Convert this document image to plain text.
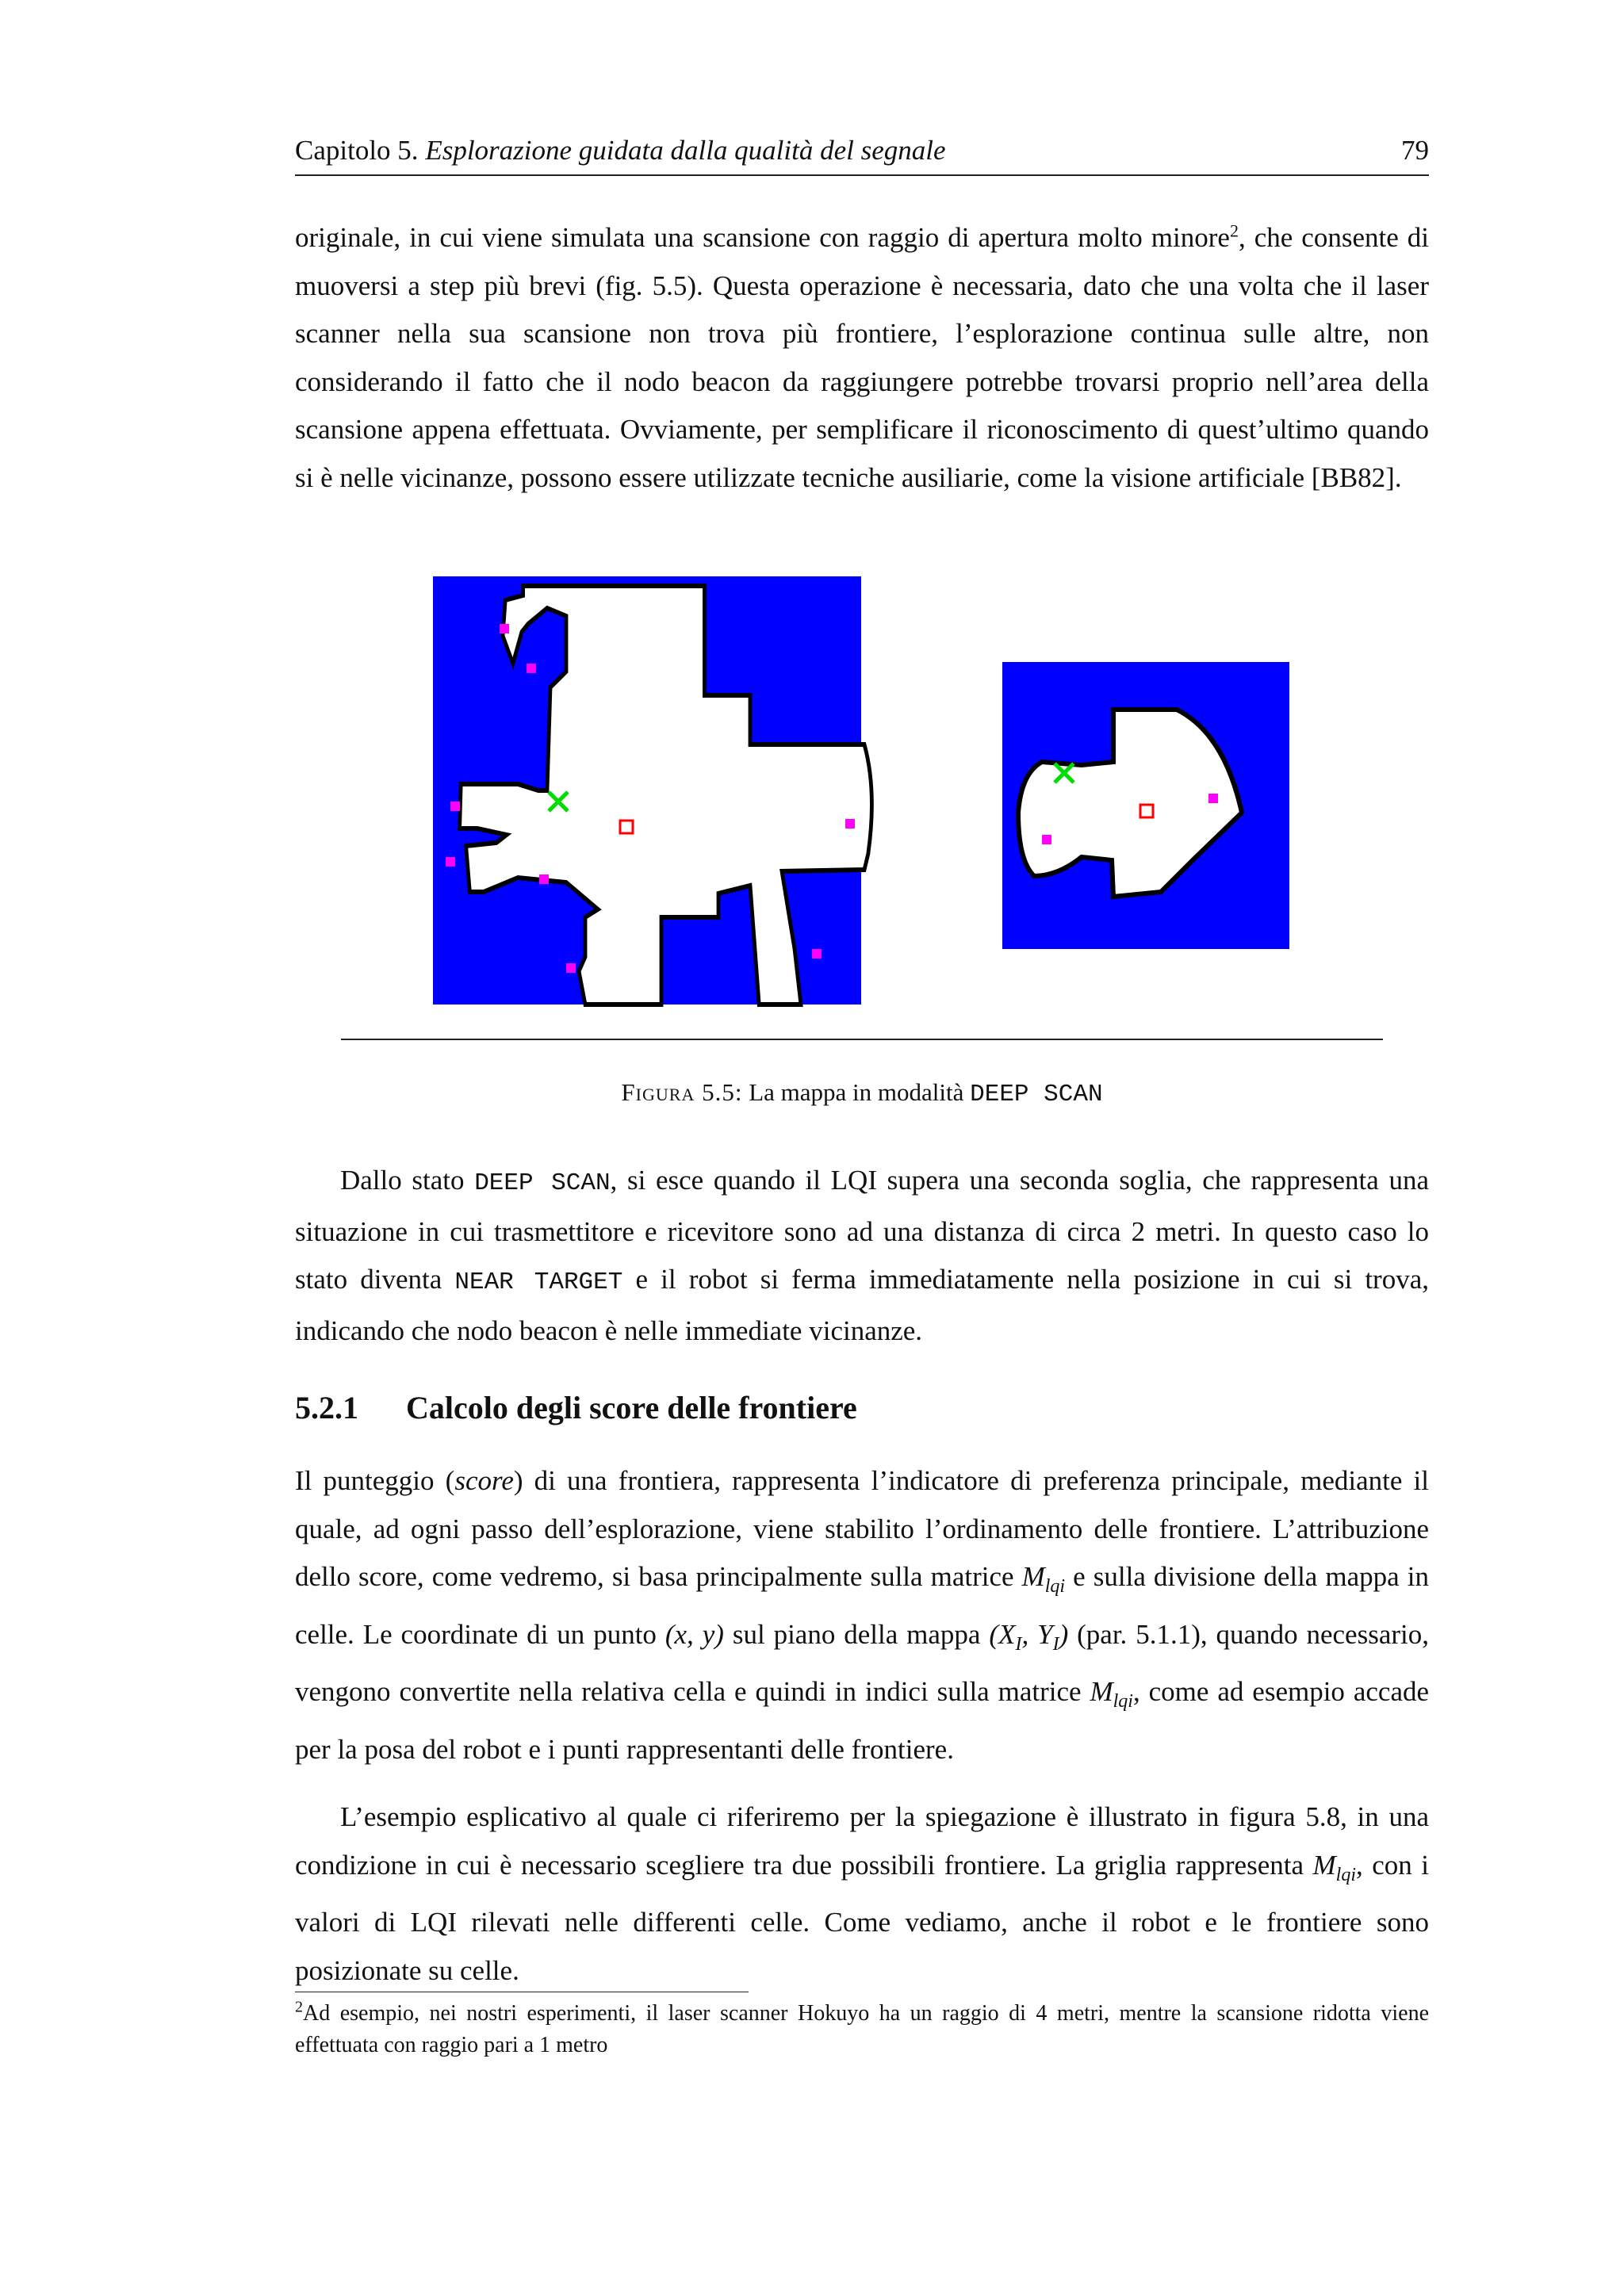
Capitolo 5. Esplorazione guidata dalla qualità del segnale	79

originale, in cui viene simulata una scansione con raggio di apertura molto minore$^2$, che consente di muoversi a step più brevi (fig. 5.5). Questa operazione è necessaria, dato che una volta che il laser scanner nella sua scansione non trova più frontiere, l’esplorazione continua sulle altre, non considerando il fatto che il nodo beacon da raggiungere potrebbe trovarsi proprio nell’area della scansione appena effettuata. Ovviamente, per semplificare il riconoscimento di quest’ultimo quando si è nelle vicinanze, possono essere utilizzate tecniche ausiliarie, come la visione artificiale [BB82].

Figura 5.5: La mappa in modalità DEEP SCAN

Dallo stato DEEP SCAN, si esce quando il LQI supera una seconda soglia, che rappresenta una situazione in cui trasmettitore e ricevitore sono ad una distanza di circa 2 metri. In questo caso lo stato diventa NEAR TARGET e il robot si ferma immediatamente nella posizione in cui si trova, indicando che nodo beacon è nelle immediate vicinanze.

5.2.1 Calcolo degli score delle frontiere

Il punteggio (score) di una frontiera, rappresenta l’indicatore di preferenza principale, mediante il quale, ad ogni passo dell’esplorazione, viene stabilito l’ordinamento delle frontiere. L’attribuzione dello score, come vedremo, si basa principalmente sulla matrice $M_{lqi}$ e sulla divisione della mappa in celle. Le coordinate di un punto (x, y) sul piano della mappa ($X_I$, $Y_I$) (par. 5.1.1), quando necessario, vengono convertite nella relativa cella e quindi in indici sulla matrice $M_{lqi}$, come ad esempio accade per la posa del robot e i punti rappresentanti delle frontiere.

L’esempio esplicativo al quale ci riferiremo per la spiegazione è illustrato in figura 5.8, in una condizione in cui è necessario scegliere tra due possibili frontiere. La griglia rappresenta $M_{lqi}$, con i valori di LQI rilevati nelle differenti celle. Come vediamo, anche il robot e le frontiere sono posizionate su celle.

$^2$Ad esempio, nei nostri esperimenti, il laser scanner Hokuyo ha un raggio di 4 metri, mentre la scansione ridotta viene effettuata con raggio pari a 1 metro
